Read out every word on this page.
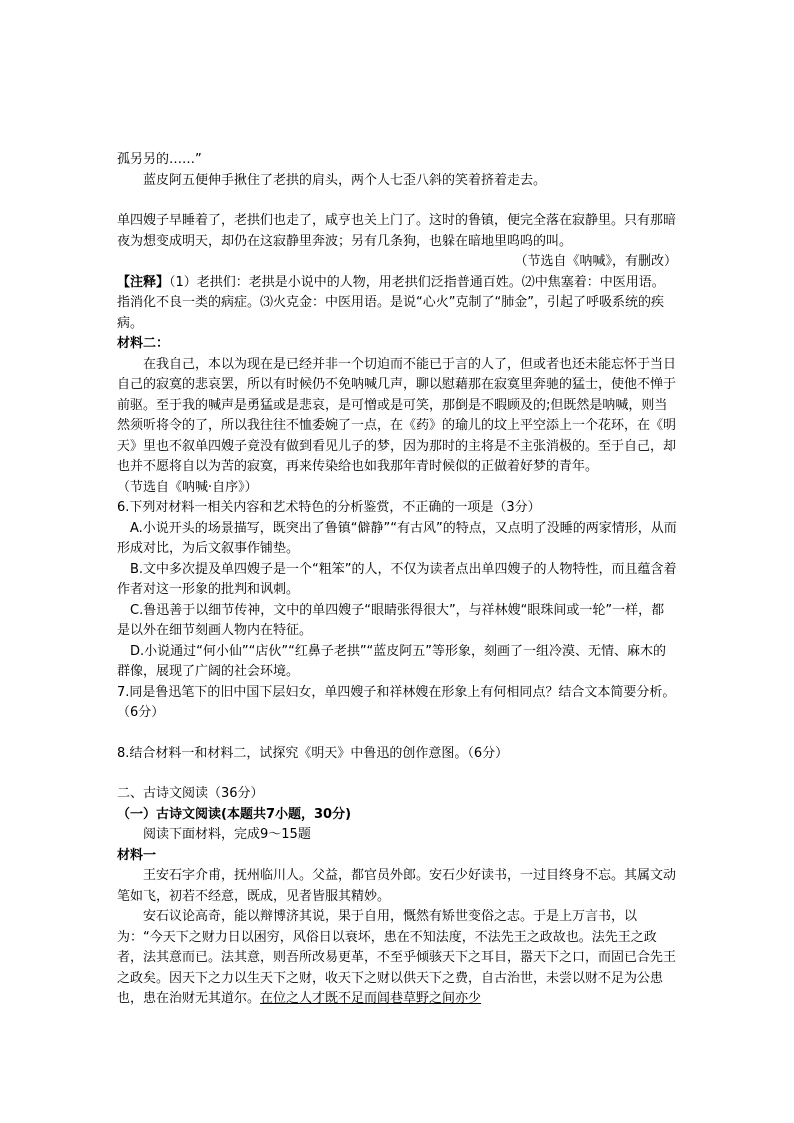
孤另另的……”

蓝皮阿五便伸手揪住了老拱的肩头，两个人七歪八斜的笑着挤着走去。

单四嫂子早睡着了，老拱们也走了，咸亨也关上门了。这时的鲁镇，便完全落在寂静里。只有那暗夜为想变成明天，却仍在这寂静里奔波；另有几条狗，也躲在暗地里呜呜的叫。

（节选自《呐喊》，有删改）

【注释】（1）老拱们：老拱是小说中的人物，用老拱们泛指普通百姓。⑵中焦塞着：中医用语。指消化不良一类的病症。⑶火克金：中医用语。是说“心火”克制了“肺金”，引起了呼吸系统的疾病。

材料二：

在我自己，本以为现在是已经并非一个切迫而不能已于言的人了，但或者也还未能忘怀于当日自己的寂寞的悲哀罢，所以有时候仍不免呐喊几声，聊以慰藉那在寂寞里奔驰的猛士，使他不惮于前驱。至于我的喊声是勇猛或是悲哀，是可憎或是可笑，那倒是不暇顾及的;但既然是呐喊，则当然须听将令的了，所以我往往不恤委婉了一点，在《药》的瑜儿的坟上平空添上一个花环，在《明天》里也不叙单四嫂子竟没有做到看见儿子的梦，因为那时的主将是不主张消极的。至于自己，却也并不愿将自以为苦的寂寞，再来传染给也如我那年青时候似的正做着好梦的青年。

（节选自《呐喊·自序》）

6.下列对材料一相关内容和艺术特色的分析鉴赏，不正确的一项是（3分）

A.小说开头的场景描写，既突出了鲁镇“僻静”“有古风”的特点，又点明了没睡的两家情形，从而形成对比，为后文叙事作铺垫。

B.文中多次提及单四嫂子是一个“粗笨”的人，不仅为读者点出单四嫂子的人物特性，而且蕴含着作者对这一形象的批判和讽刺。

C.鲁迅善于以细节传神，文中的单四嫂子“眼睛张得很大”，与祥林嫂“眼珠间或一轮”一样，都是以外在细节刻画人物内在特征。

D.小说通过“何小仙”“店伙”“红鼻子老拱”“蓝皮阿五”等形象，刻画了一组冷漠、无情、麻木的群像，展现了广阔的社会环境。

7.同是鲁迅笔下的旧中国下层妇女，单四嫂子和祥林嫂在形象上有何相同点？结合文本简要分析。（6分）

8.结合材料一和材料二，试探究《明天》中鲁迅的创作意图。（6分）

二、古诗文阅读（36分）

（一）古诗文阅读(本题共7小题，30分)

阅读下面材料，完成9～15题

材料一

王安石字介甫，抚州临川人。父益，都官员外郎。安石少好读书，一过目终身不忘。其属文动笔如飞，初若不经意，既成，见者皆服其精妙。

安石议论高奇，能以辩博济其说，果于自用，慨然有矫世变俗之志。于是上万言书，以为：“今天下之财力日以困穷，风俗日以衰坏，患在不知法度，不法先王之政故也。法先王之政者，法其意而已。法其意，则吾所改易更革，不至乎倾骇天下之耳目，嚣天下之口，而固已合先王之政矣。因天下之力以生天下之财，收天下之财以供天下之费，自古治世，未尝以财不足为公患也，患在治财无其道尔。在位之人才既不足而闾巷草野之间亦少
